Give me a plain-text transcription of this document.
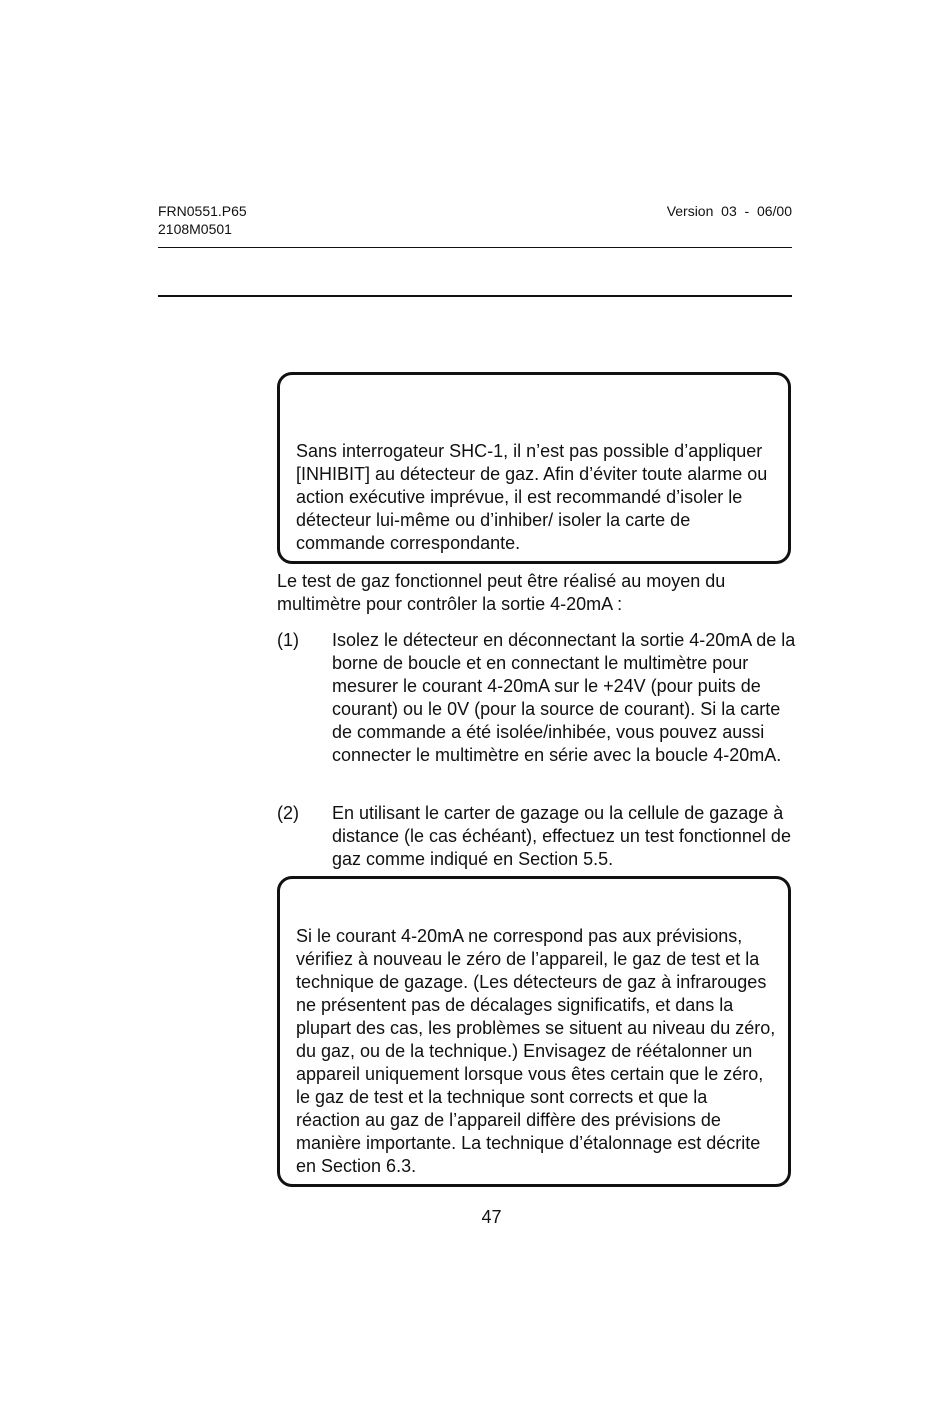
FRN0551.P65
2108M0501
Version  03  -  06/00
Sans interrogateur SHC-1, il n’est pas possible d’appliquer [INHIBIT] au détecteur de gaz. Afin d’éviter toute alarme ou action exécutive imprévue, il est recommandé d’isoler le détecteur lui-même ou d’inhiber/ isoler la carte de commande correspondante.
Le test de gaz fonctionnel peut être réalisé au moyen du multimètre pour contrôler la sortie 4-20mA :
(1) Isolez le détecteur en déconnectant la sortie 4-20mA de la borne de boucle et en connectant le multimètre pour mesurer le courant 4-20mA sur le +24V (pour puits de courant) ou le 0V (pour la source de courant). Si la carte de commande a été isolée/inhibée, vous pouvez aussi connecter le multimètre en série avec la boucle 4-20mA.
(2) En utilisant le carter de gazage ou la cellule de gazage à distance (le cas échéant), effectuez un test fonctionnel de gaz comme indiqué en Section 5.5.
Si le courant 4-20mA ne correspond pas aux prévisions, vérifiez à nouveau le zéro de l’appareil, le gaz de test et la technique de gazage. (Les détecteurs de gaz à infrarouges ne présentent pas de décalages significatifs, et dans la plupart des cas, les problèmes se situent au niveau du zéro, du gaz, ou de la technique.) Envisagez de réétalonner un appareil uniquement lorsque vous êtes certain que le zéro, le gaz de test et la technique sont corrects et que la réaction au gaz de l’appareil diffère des prévisions de manière importante. La technique d’étalonnage est décrite en Section 6.3.
47
